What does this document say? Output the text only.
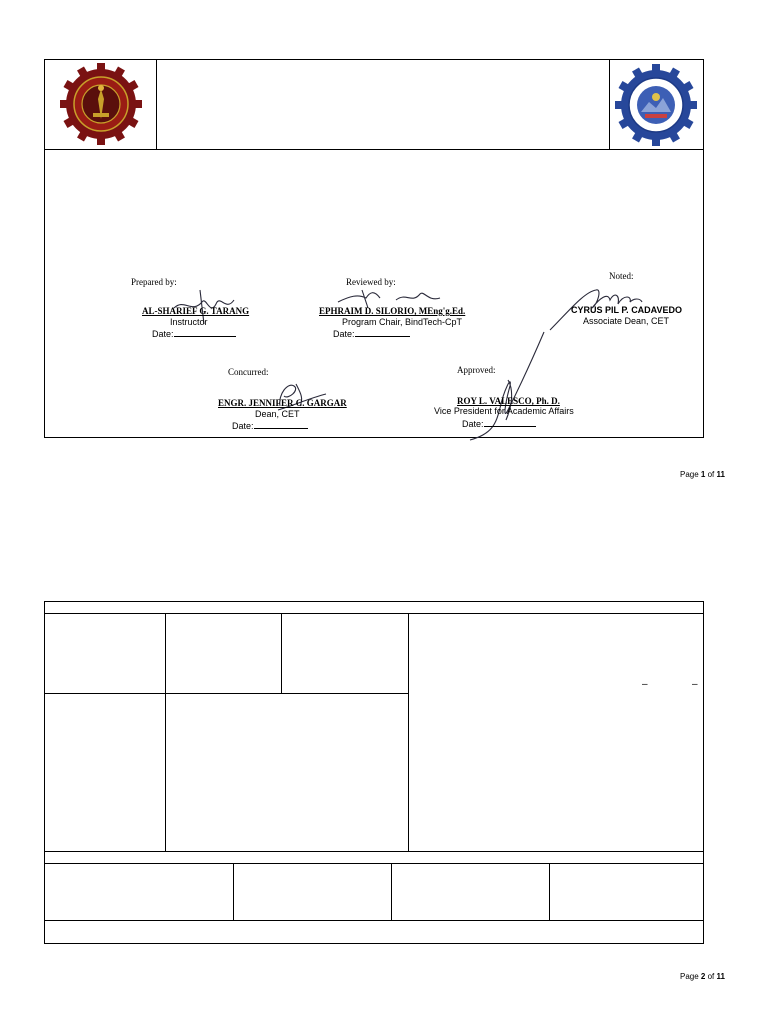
Prepared by:
AL-SHARIEF G. TARANG
Instructor
Date:
Reviewed by:
EPHRAIM D. SILORIO, MEng'g.Ed.
Program Chair, BindTech-CpT
Date:
Noted:
CYRUS PIL P. CADAVEDO
Associate Dean, CET
Concurred:
ENGR. JENNIFER C. GARGAR
Dean, CET
Date:
Approved:
ROY L. VALESCO, Ph. D.
Vice President for Academic Affairs
Date:
Page 1 of 11
–	–
Page 2 of 11
